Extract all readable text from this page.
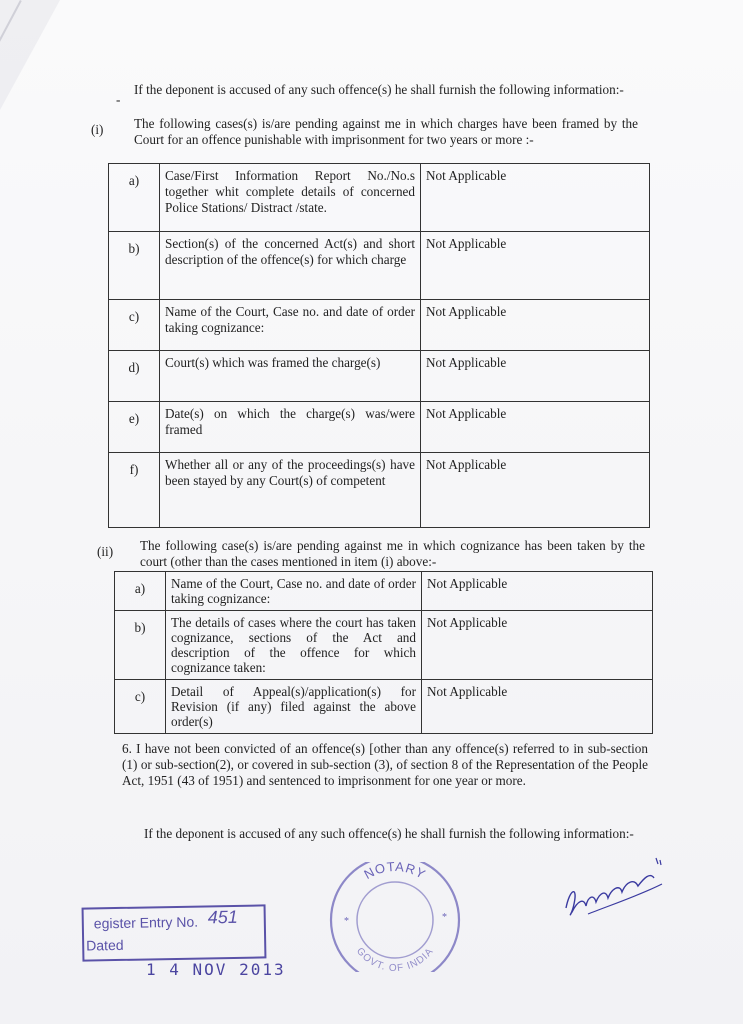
-
If the deponent is accused of any such offence(s) he shall furnish the following information:-
(i) The following cases(s) is/are pending against me in which charges have been framed by the Court for an offence punishable with imprisonment for two years or more :-
a)	Case/First Information Report No./No.s together whit complete details of concerned Police Stations/ Distract /state.	Not Applicable
b)	Section(s) of the concerned Act(s) and short description of the offence(s) for which charge	Not Applicable
c)	Name of the Court, Case no. and date of order taking cognizance:	Not Applicable
d)	Court(s) which was framed the charge(s)	Not Applicable
e)	Date(s) on which the charge(s) was/were framed	Not Applicable
f)	Whether all or any of the proceedings(s) have been stayed by any Court(s) of competent	Not Applicable
(ii) The following case(s) is/are pending against me in which cognizance has been taken by the court (other than the cases mentioned in item (i) above:-
a)	Name of the Court, Case no. and date of order taking cognizance:	Not Applicable
b)	The details of cases where the court has taken cognizance, sections of the Act and description of the offence for which cognizance taken:	Not Applicable
c)	Detail of Appeal(s)/application(s) for Revision (if any) filed against the above order(s)	Not Applicable
6. I have not been convicted of an offence(s) [other than any offence(s) referred to in sub-section (1) or sub-section(2), or covered in sub-section (3), of section 8 of the Representation of the People Act, 1951 (43 of 1951) and sentenced to imprisonment for one year or more.
If the deponent is accused of any such offence(s) he shall furnish the following information:-
egister Entry No. 451
Dated
1 4 NOV 2013
NOTARY
GOVT. OF INDIA
*
*
